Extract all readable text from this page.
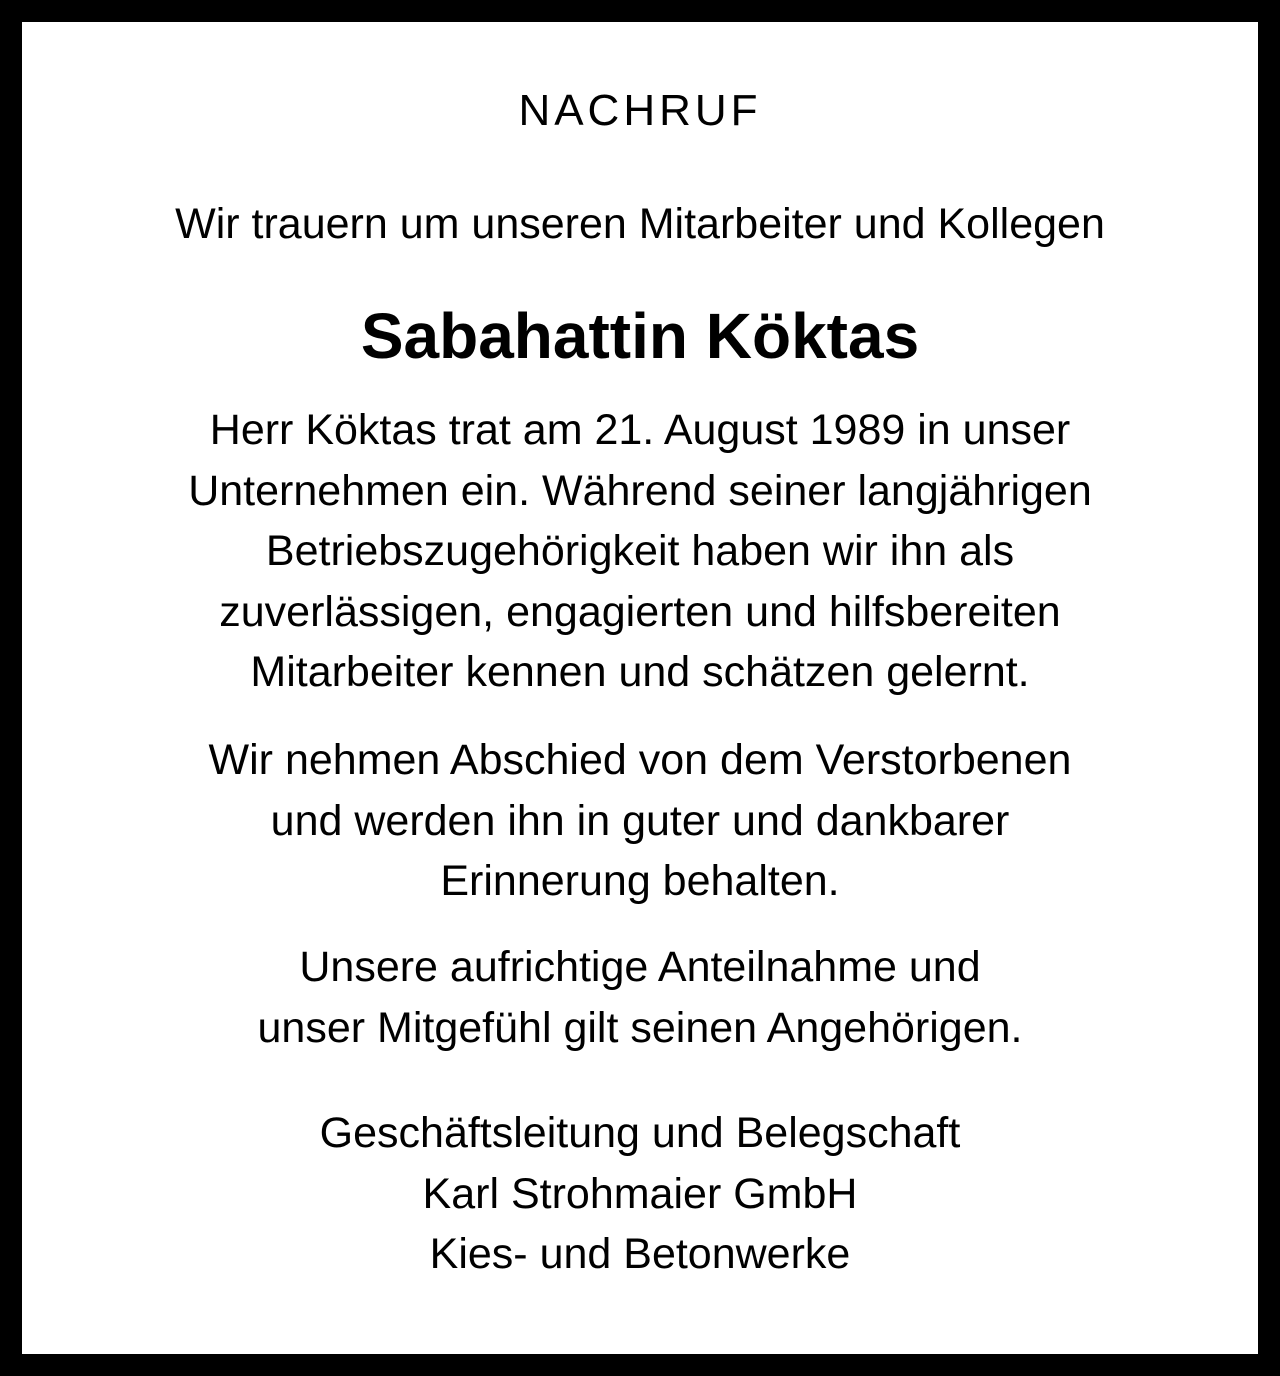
NACHRUF
Wir trauern um unseren Mitarbeiter und Kollegen
Sabahattin Köktas
Herr Köktas trat am 21. August 1989 in unser
Unternehmen ein. Während seiner langjährigen
Betriebszugehörigkeit haben wir ihn als
zuverlässigen, engagierten und hilfsbereiten
Mitarbeiter kennen und schätzen gelernt.
Wir nehmen Abschied von dem Verstorbenen
und werden ihn in guter und dankbarer
Erinnerung behalten.
Unsere aufrichtige Anteilnahme und
unser Mitgefühl gilt seinen Angehörigen.
Geschäftsleitung und Belegschaft
Karl Strohmaier GmbH
Kies- und Betonwerke
